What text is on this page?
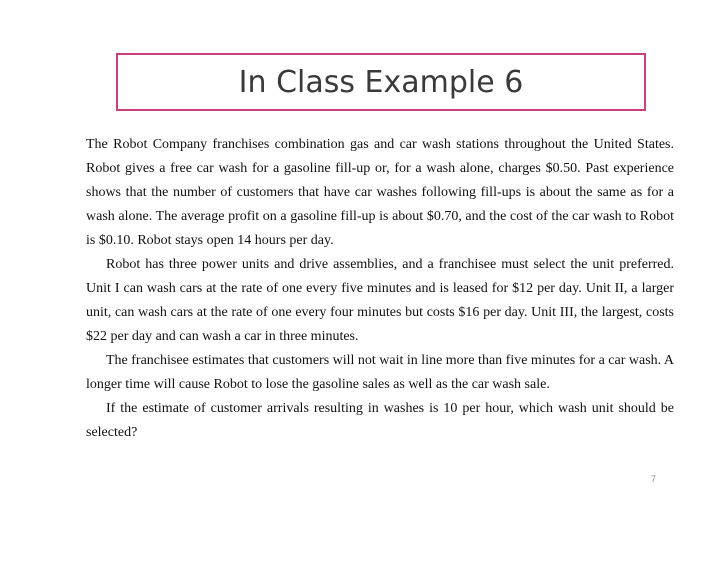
In Class Example 6

The Robot Company franchises combination gas and car wash stations throughout the United States. Robot gives a free car wash for a gasoline fill-up or, for a wash alone, charges $0.50. Past experience shows that the number of customers that have car washes following fill-ups is about the same as for a wash alone. The average profit on a gasoline fill-up is about $0.70, and the cost of the car wash to Robot is $0.10. Robot stays open 14 hours per day.

Robot has three power units and drive assemblies, and a franchisee must select the unit preferred. Unit I can wash cars at the rate of one every five minutes and is leased for $12 per day. Unit II, a larger unit, can wash cars at the rate of one every four minutes but costs $16 per day. Unit III, the largest, costs $22 per day and can wash a car in three minutes.

The franchisee estimates that customers will not wait in line more than five minutes for a car wash. A longer time will cause Robot to lose the gasoline sales as well as the car wash sale.

If the estimate of customer arrivals resulting in washes is 10 per hour, which wash unit should be selected?

7
